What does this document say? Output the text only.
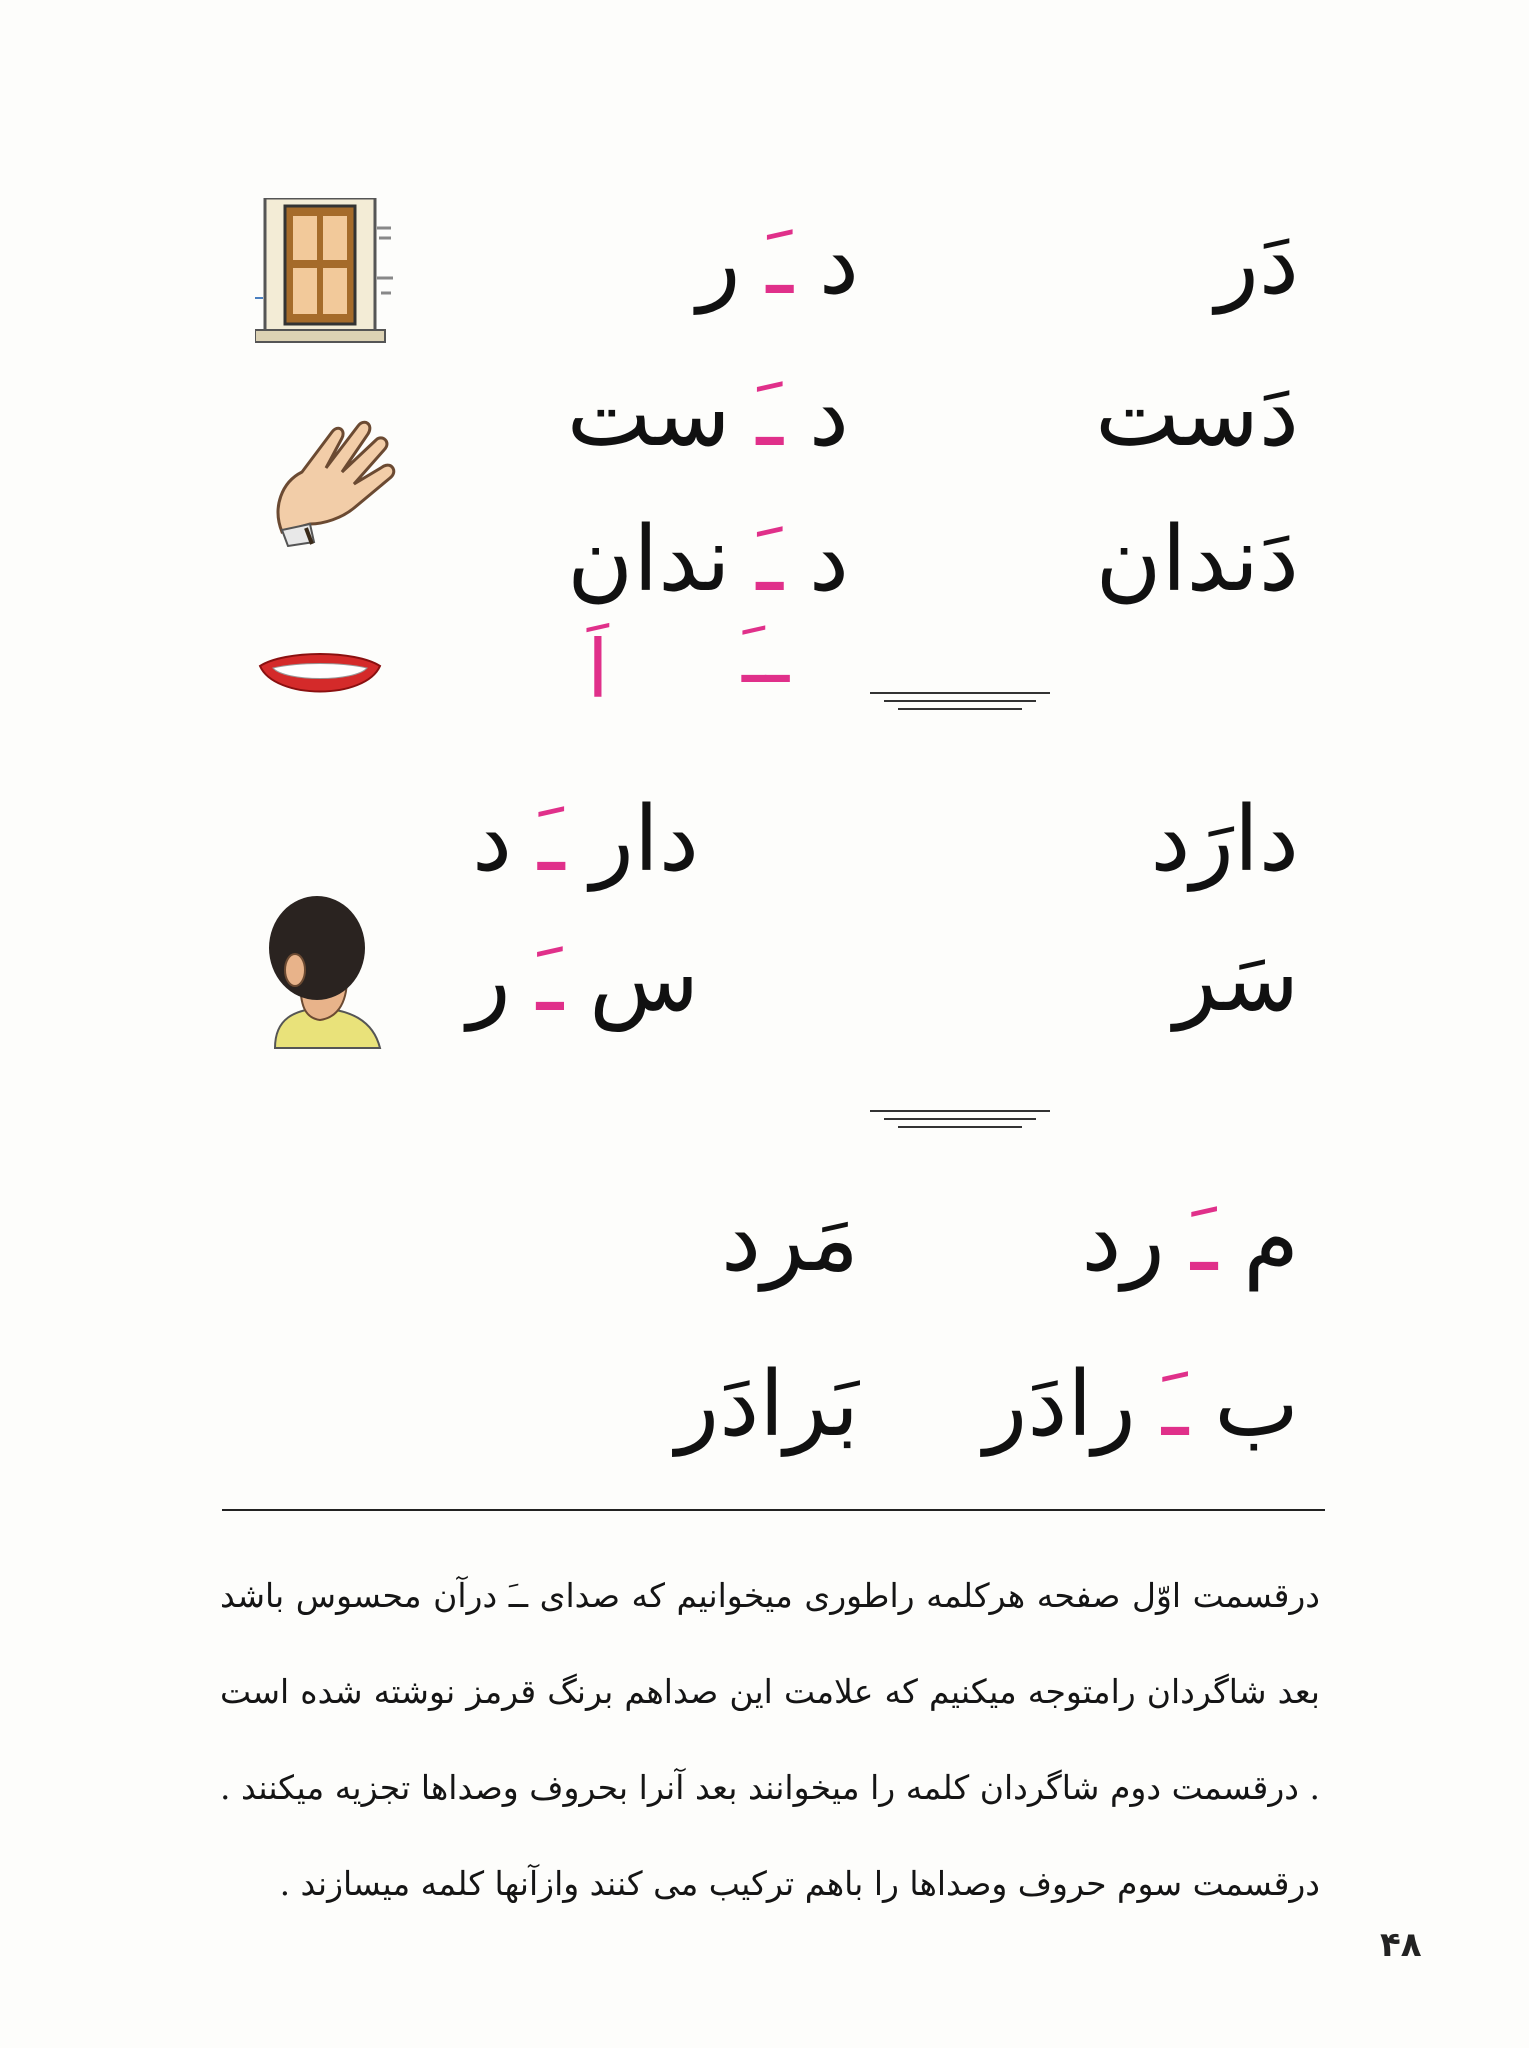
دَر
دـَر
دَست
دـَست
دَندان
دـَندان
ــَ
اَ
دارَد
دارـَد
سَر
سـَر
مـَرد
مَرد
بـَرادَر
بَرادَر
درقسمت اوّل صفحه هرکلمه راطوری میخوانیم که صدای ــَ درآن محسوس باشد بعد شاگردان رامتوجه میکنیم که علامت این صداهم برنگ قرمز نوشته شده است . درقسمت دوم شاگردان کلمه را میخوانند بعد آنرا بحروف وصداها تجزیه میکنند . درقسمت سوم حروف وصداها را باهم ترکیب می کنند وازآنها کلمه میسازند .
۴۸
